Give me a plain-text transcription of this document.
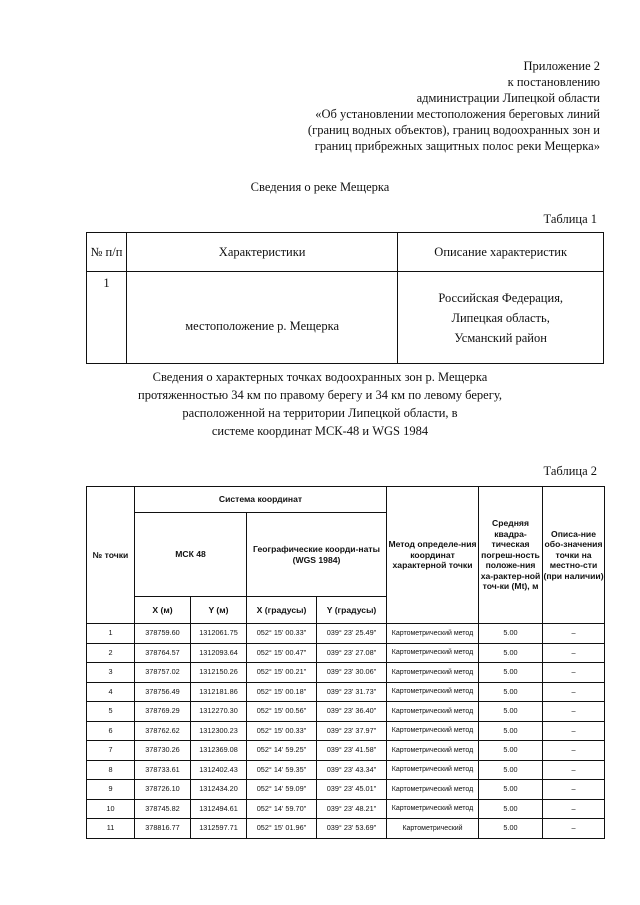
Приложение 2
к постановлению
администрации Липецкой области
«Об установлении местоположения береговых линий
(границ водных объектов), границ водоохранных зон и
границ прибрежных защитных полос реки Мещерка»
Сведения о реке Мещерка
Таблица 1
№ п/п	Характеристики	Описание характеристик
1	местоположение р. Мещерка	Российская Федерация,
Липецкая область,
Усманский район
Сведения о характерных точках водоохранных зон р. Мещерка
протяженностью 34 км по правому берегу и 34 км по левому берегу,
расположенной на территории Липецкой области, в
системе координат МСК-48 и WGS 1984
Таблица 2
№ точки	Система координат				Метод определе-ния координат характерной точки	Средняя квадра-тическая погреш-ность положе-ния ха-рактер-ной точ-ки (Mt), м	Описа-ние обо-значения точки на местно-сти (при наличии)
	МСК 48		Географические коорди-наты (WGS 1984)				
	X (м)	Y (м)	X (градусы)	Y (градусы)			
1	378759.60	1312061.75	052° 15' 00.33"	039° 23' 25.49"	Картометрический метод	5.00	–
2	378764.57	1312093.64	052° 15' 00.47"	039° 23' 27.08"	Картометрический метод	5.00	–
3	378757.02	1312150.26	052° 15' 00.21"	039° 23' 30.06"	Картометрический метод	5.00	–
4	378756.49	1312181.86	052° 15' 00.18"	039° 23' 31.73"	Картометрический метод	5.00	–
5	378769.29	1312270.30	052° 15' 00.56"	039° 23' 36.40"	Картометрический метод	5.00	–
6	378762.62	1312300.23	052° 15' 00.33"	039° 23' 37.97"	Картометрический метод	5.00	–
7	378730.26	1312369.08	052° 14' 59.25"	039° 23' 41.58"	Картометрический метод	5.00	–
8	378733.61	1312402.43	052° 14' 59.35"	039° 23' 43.34"	Картометрический метод	5.00	–
9	378726.10	1312434.20	052° 14' 59.09"	039° 23' 45.01"	Картометрический метод	5.00	–
10	378745.82	1312494.61	052° 14' 59.70"	039° 23' 48.21"	Картометрический метод	5.00	–
11	378816.77	1312597.71	052° 15' 01.96"	039° 23' 53.69"	Картометрический	5.00	–
